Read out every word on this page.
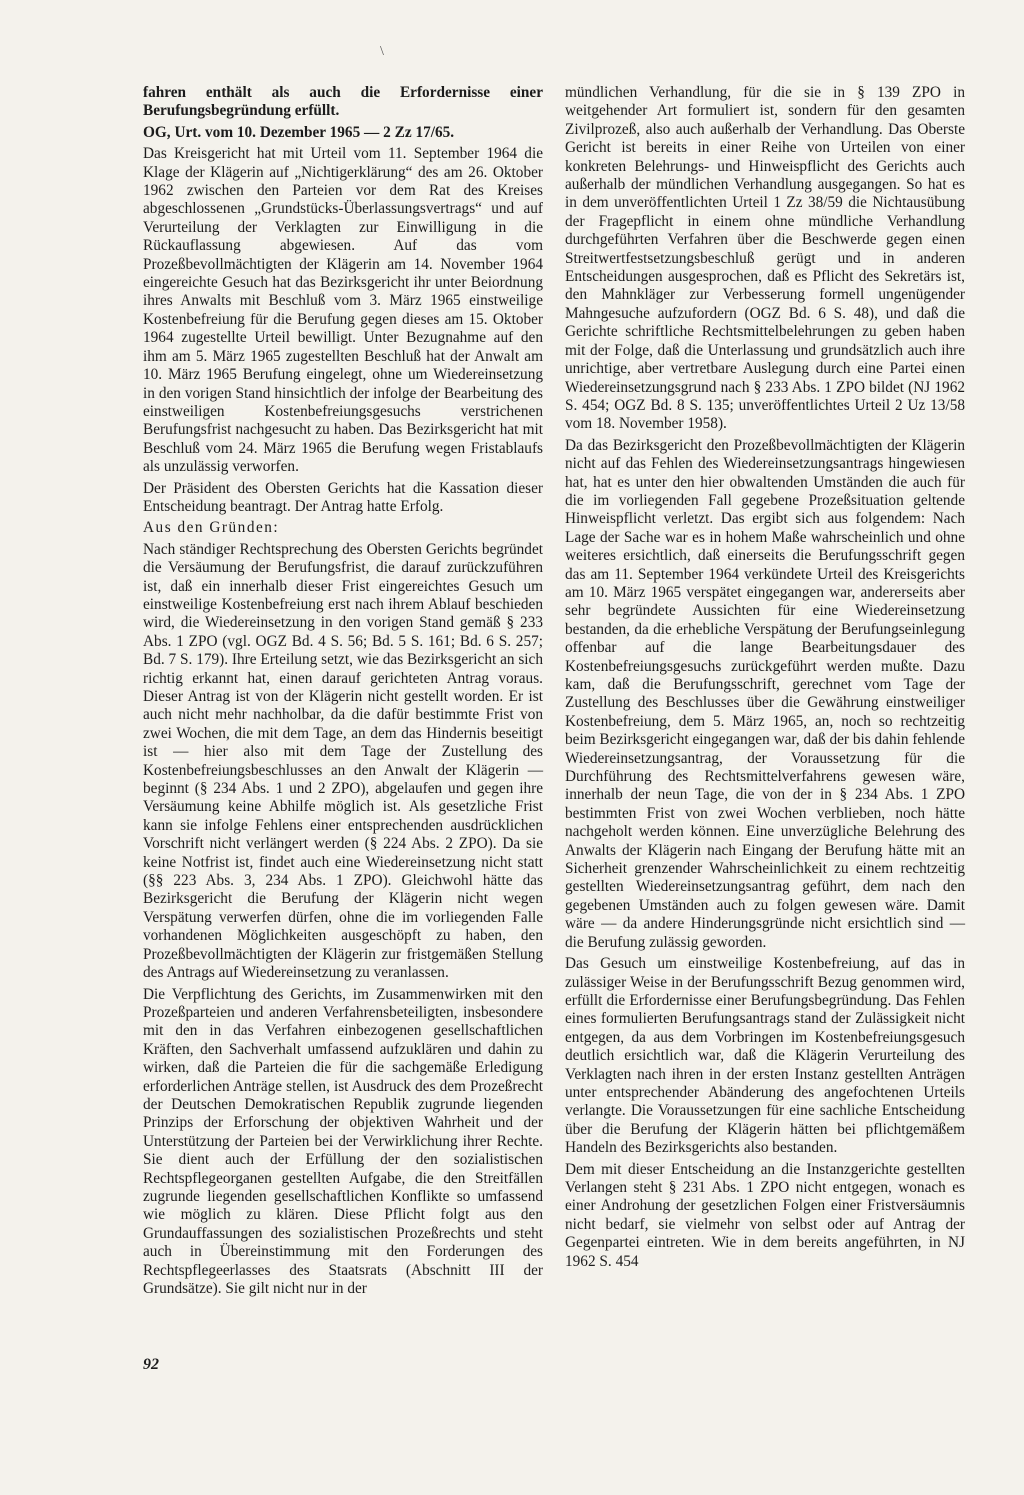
\

fahren enthält als auch die Erfordernisse einer Berufungsbegründung erfüllt.

OG, Urt. vom 10. Dezember 1965 — 2 Zz 17/65.

Das Kreisgericht hat mit Urteil vom 11. September 1964 die Klage der Klägerin auf „Nichtigerklärung“ des am 26. Oktober 1962 zwischen den Parteien vor dem Rat des Kreises abgeschlossenen „Grundstücks-Überlassungsvertrags“ und auf Verurteilung der Verklagten zur Einwilligung in die Rückauflassung abgewiesen. Auf das vom Prozeßbevollmächtigten der Klägerin am 14. November 1964 eingereichte Gesuch hat das Bezirksgericht ihr unter Beiordnung ihres Anwalts mit Beschluß vom 3. März 1965 einstweilige Kostenbefreiung für die Berufung gegen dieses am 15. Oktober 1964 zugestellte Urteil bewilligt. Unter Bezugnahme auf den ihm am 5. März 1965 zugestellten Beschluß hat der Anwalt am 10. März 1965 Berufung eingelegt, ohne um Wiedereinsetzung in den vorigen Stand hinsichtlich der infolge der Bearbeitung des einstweiligen Kostenbefreiungsgesuchs verstrichenen Berufungsfrist nachgesucht zu haben. Das Bezirksgericht hat mit Beschluß vom 24. März 1965 die Berufung wegen Fristablaufs als unzulässig verworfen.

Der Präsident des Obersten Gerichts hat die Kassation dieser Entscheidung beantragt. Der Antrag hatte Erfolg.

Aus den Gründen:

Nach ständiger Rechtsprechung des Obersten Gerichts begründet die Versäumung der Berufungsfrist, die darauf zurückzuführen ist, daß ein innerhalb dieser Frist eingereichtes Gesuch um einstweilige Kostenbefreiung erst nach ihrem Ablauf beschieden wird, die Wiedereinsetzung in den vorigen Stand gemäß § 233 Abs. 1 ZPO (vgl. OGZ Bd. 4 S. 56; Bd. 5 S. 161; Bd. 6 S. 257; Bd. 7 S. 179). Ihre Erteilung setzt, wie das Bezirksgericht an sich richtig erkannt hat, einen darauf gerichteten Antrag voraus. Dieser Antrag ist von der Klägerin nicht gestellt worden. Er ist auch nicht mehr nachholbar, da die dafür bestimmte Frist von zwei Wochen, die mit dem Tage, an dem das Hindernis beseitigt ist — hier also mit dem Tage der Zustellung des Kostenbefreiungsbeschlusses an den Anwalt der Klägerin — beginnt (§ 234 Abs. 1 und 2 ZPO), abgelaufen und gegen ihre Versäumung keine Abhilfe möglich ist. Als gesetzliche Frist kann sie infolge Fehlens einer entsprechenden ausdrücklichen Vorschrift nicht verlängert werden (§ 224 Abs. 2 ZPO). Da sie keine Notfrist ist, findet auch eine Wiedereinsetzung nicht statt (§§ 223 Abs. 3, 234 Abs. 1 ZPO). Gleichwohl hätte das Bezirksgericht die Berufung der Klägerin nicht wegen Verspätung verwerfen dürfen, ohne die im vorliegenden Falle vorhandenen Möglichkeiten ausgeschöpft zu haben, den Prozeßbevollmächtigten der Klägerin zur fristgemäßen Stellung des Antrags auf Wiedereinsetzung zu veranlassen.

Die Verpflichtung des Gerichts, im Zusammenwirken mit den Prozeßparteien und anderen Verfahrensbeteiligten, insbesondere mit den in das Verfahren einbezogenen gesellschaftlichen Kräften, den Sachverhalt umfassend aufzuklären und dahin zu wirken, daß die Parteien die für die sachgemäße Erledigung erforderlichen Anträge stellen, ist Ausdruck des dem Prozeßrecht der Deutschen Demokratischen Republik zugrunde liegenden Prinzips der Erforschung der objektiven Wahrheit und der Unterstützung der Parteien bei der Verwirklichung ihrer Rechte. Sie dient auch der Erfüllung der den sozialistischen Rechtspflegeorganen gestellten Aufgabe, die den Streitfällen zugrunde liegenden gesellschaftlichen Konflikte so umfassend wie möglich zu klären. Diese Pflicht folgt aus den Grundauffassungen des sozialistischen Prozeßrechts und steht auch in Übereinstimmung mit den Forderungen des Rechtspflegeerlasses des Staatsrats (Abschnitt III der Grundsätze). Sie gilt nicht nur in der

mündlichen Verhandlung, für die sie in § 139 ZPO in weitgehender Art formuliert ist, sondern für den gesamten Zivilprozeß, also auch außerhalb der Verhandlung. Das Oberste Gericht ist bereits in einer Reihe von Urteilen von einer konkreten Belehrungs- und Hinweispflicht des Gerichts auch außerhalb der mündlichen Verhandlung ausgegangen. So hat es in dem unveröffentlichten Urteil 1 Zz 38/59 die Nichtausübung der Fragepflicht in einem ohne mündliche Verhandlung durchgeführten Verfahren über die Beschwerde gegen einen Streitwertfestsetzungsbeschluß gerügt und in anderen Entscheidungen ausgesprochen, daß es Pflicht des Sekretärs ist, den Mahnkläger zur Verbesserung formell ungenügender Mahngesuche aufzufordern (OGZ Bd. 6 S. 48), und daß die Gerichte schriftliche Rechtsmittelbelehrungen zu geben haben mit der Folge, daß die Unterlassung und grundsätzlich auch ihre unrichtige, aber vertretbare Auslegung durch eine Partei einen Wiedereinsetzungsgrund nach § 233 Abs. 1 ZPO bildet (NJ 1962 S. 454; OGZ Bd. 8 S. 135; unveröffentlichtes Urteil 2 Uz 13/58 vom 18. November 1958).

Da das Bezirksgericht den Prozeßbevollmächtigten der Klägerin nicht auf das Fehlen des Wiedereinsetzungsantrags hingewiesen hat, hat es unter den hier obwaltenden Umständen die auch für die im vorliegenden Fall gegebene Prozeßsituation geltende Hinweispflicht verletzt. Das ergibt sich aus folgendem: Nach Lage der Sache war es in hohem Maße wahrscheinlich und ohne weiteres ersichtlich, daß einerseits die Berufungsschrift gegen das am 11. September 1964 verkündete Urteil des Kreisgerichts am 10. März 1965 verspätet eingegangen war, andererseits aber sehr begründete Aussichten für eine Wiedereinsetzung bestanden, da die erhebliche Verspätung der Berufungseinlegung offenbar auf die lange Bearbeitungsdauer des Kostenbefreiungsgesuchs zurückgeführt werden mußte. Dazu kam, daß die Berufungsschrift, gerechnet vom Tage der Zustellung des Beschlusses über die Gewährung einstweiliger Kostenbefreiung, dem 5. März 1965, an, noch so rechtzeitig beim Bezirksgericht eingegangen war, daß der bis dahin fehlende Wiedereinsetzungsantrag, der Voraussetzung für die Durchführung des Rechtsmittelverfahrens gewesen wäre, innerhalb der neun Tage, die von der in § 234 Abs. 1 ZPO bestimmten Frist von zwei Wochen verblieben, noch hätte nachgeholt werden können. Eine unverzügliche Belehrung des Anwalts der Klägerin nach Eingang der Berufung hätte mit an Sicherheit grenzender Wahrscheinlichkeit zu einem rechtzeitig gestellten Wiedereinsetzungsantrag geführt, dem nach den gegebenen Umständen auch zu folgen gewesen wäre. Damit wäre — da andere Hinderungsgründe nicht ersichtlich sind — die Berufung zulässig geworden.

Das Gesuch um einstweilige Kostenbefreiung, auf das in zulässiger Weise in der Berufungsschrift Bezug genommen wird, erfüllt die Erfordernisse einer Berufungsbegründung. Das Fehlen eines formulierten Berufungsantrags stand der Zulässigkeit nicht entgegen, da aus dem Vorbringen im Kostenbefreiungsgesuch deutlich ersichtlich war, daß die Klägerin Verurteilung des Verklagten nach ihren in der ersten Instanz gestellten Anträgen unter entsprechender Abänderung des angefochtenen Urteils verlangte. Die Voraussetzungen für eine sachliche Entscheidung über die Berufung der Klägerin hätten bei pflichtgemäßem Handeln des Bezirksgerichts also bestanden.

Dem mit dieser Entscheidung an die Instanzgerichte gestellten Verlangen steht § 231 Abs. 1 ZPO nicht entgegen, wonach es einer Androhung der gesetzlichen Folgen einer Fristversäumnis nicht bedarf, sie vielmehr von selbst oder auf Antrag der Gegenpartei eintreten. Wie in dem bereits angeführten, in NJ 1962 S. 454

92
